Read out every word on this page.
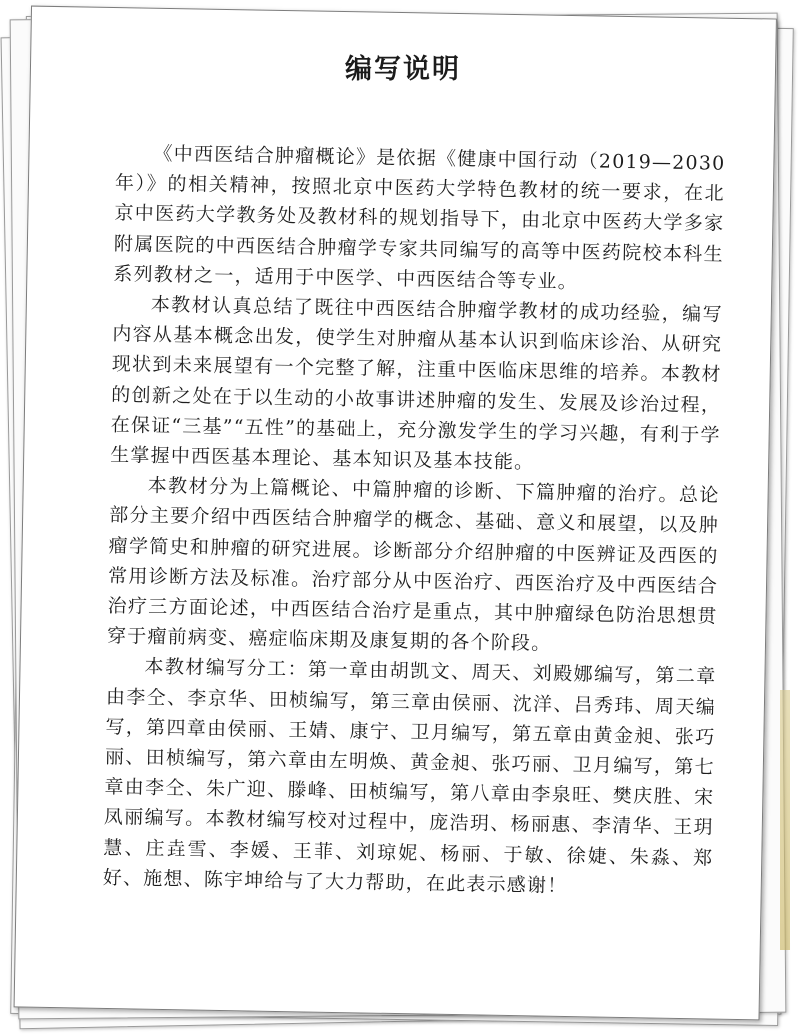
编写说明

《中西医结合肿瘤概论》是依据《健康中国行动（2019—2030年）》的相关精神，按照北京中医药大学特色教材的统一要求，在北京中医药大学教务处及教材科的规划指导下，由北京中医药大学多家附属医院的中西医结合肿瘤学专家共同编写的高等中医药院校本科生系列教材之一，适用于中医学、中西医结合等专业。

本教材认真总结了既往中西医结合肿瘤学教材的成功经验，编写内容从基本概念出发，使学生对肿瘤从基本认识到临床诊治、从研究现状到未来展望有一个完整了解，注重中医临床思维的培养。本教材的创新之处在于以生动的小故事讲述肿瘤的发生、发展及诊治过程，在保证“三基”“五性”的基础上，充分激发学生的学习兴趣，有利于学生掌握中西医基本理论、基本知识及基本技能。

本教材分为上篇概论、中篇肿瘤的诊断、下篇肿瘤的治疗。总论部分主要介绍中西医结合肿瘤学的概念、基础、意义和展望，以及肿瘤学简史和肿瘤的研究进展。诊断部分介绍肿瘤的中医辨证及西医的常用诊断方法及标准。治疗部分从中医治疗、西医治疗及中西医结合治疗三方面论述，中西医结合治疗是重点，其中肿瘤绿色防治思想贯穿于瘤前病变、癌症临床期及康复期的各个阶段。

本教材编写分工：第一章由胡凯文、周天、刘殿娜编写，第二章由李仝、李京华、田桢编写，第三章由侯丽、沈洋、吕秀玮、周天编写，第四章由侯丽、王婧、康宁、卫月编写，第五章由黄金昶、张巧丽、田桢编写，第六章由左明焕、黄金昶、张巧丽、卫月编写，第七章由李仝、朱广迎、滕峰、田桢编写，第八章由李泉旺、樊庆胜、宋凤丽编写。本教材编写校对过程中，庞浩玥、杨丽惠、李清华、王玥慧、庄垚雪、李媛、王菲、刘琼妮、杨丽、于敏、徐婕、朱淼、郑好、施想、陈宇坤给与了大力帮助，在此表示感谢！
